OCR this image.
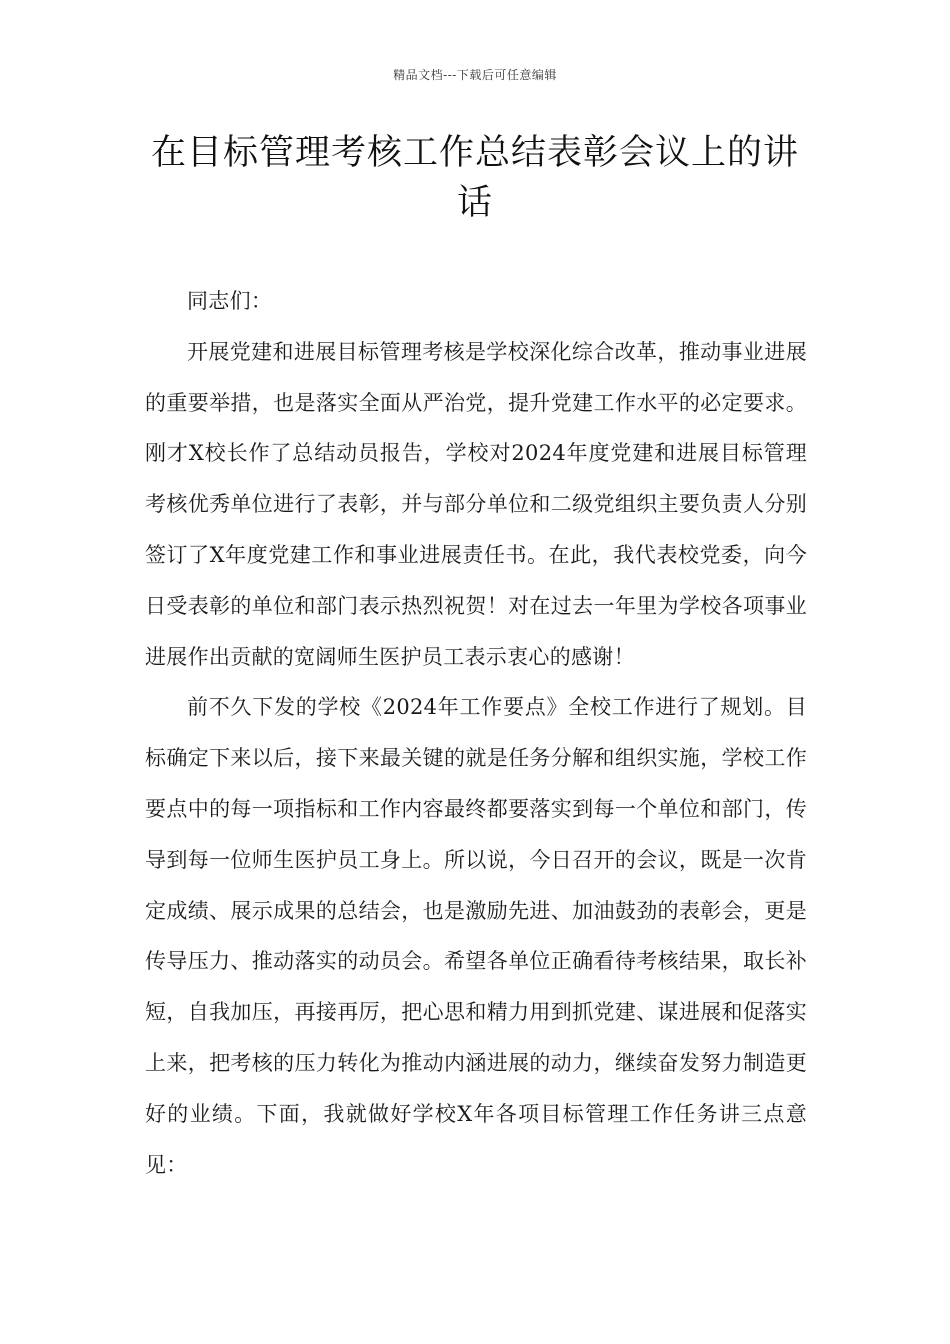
精品文档---下载后可任意编辑
在目标管理考核工作总结表彰会议上的讲话

同志们：

开展党建和进展目标管理考核是学校深化综合改革，推动事业进展的重要举措，也是落实全面从严治党，提升党建工作水平的必定要求。刚才X校长作了总结动员报告，学校对2024年度党建和进展目标管理考核优秀单位进行了表彰，并与部分单位和二级党组织主要负责人分别签订了X年度党建工作和事业进展责任书。在此，我代表校党委，向今日受表彰的单位和部门表示热烈祝贺！对在过去一年里为学校各项事业进展作出贡献的宽阔师生医护员工表示衷心的感谢！

前不久下发的学校《2024年工作要点》全校工作进行了规划。目标确定下来以后，接下来最关键的就是任务分解和组织实施，学校工作要点中的每一项指标和工作内容最终都要落实到每一个单位和部门，传导到每一位师生医护员工身上。所以说，今日召开的会议，既是一次肯定成绩、展示成果的总结会，也是激励先进、加油鼓劲的表彰会，更是传导压力、推动落实的动员会。希望各单位正确看待考核结果，取长补短，自我加压，再接再厉，把心思和精力用到抓党建、谋进展和促落实上来，把考核的压力转化为推动内涵进展的动力，继续奋发努力制造更好的业绩。下面，我就做好学校X年各项目标管理工作任务讲三点意见：
